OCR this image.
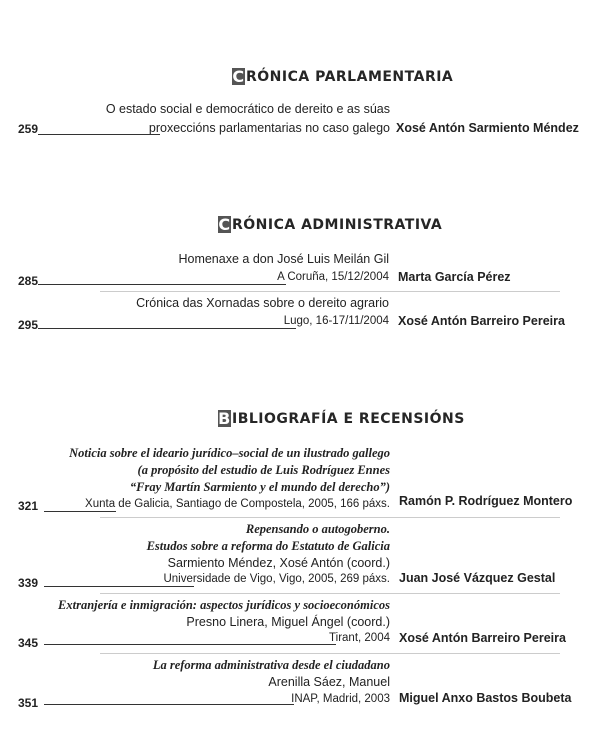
C RÓNICA PARLAMENTARIA
O estado social e democrático de dereito e as súas
proxeccións parlamentarias no caso galego
259	Xosé Antón Sarmiento Méndez
C RÓNICA ADMINISTRATIVA
Homenaxe a don José Luis Meilán Gil
A Coruña, 15/12/2004
285	Marta García Pérez
Crónica das Xornadas sobre o dereito agrario
Lugo, 16-17/11/2004
295	Xosé Antón Barreiro Pereira
B IBLIOGRAFÍA E RECENSIÓNS
Noticia sobre el ideario jurídico–social de un ilustrado gallego
(a propósito del estudio de Luis Rodríguez Ennes
“Fray Martín Sarmiento y el mundo del derecho”)
Xunta de Galicia, Santiago de Compostela, 2005, 166 páxs.
321	Ramón P. Rodríguez Montero
Repensando o autogoberno.
Estudos sobre a reforma do Estatuto de Galicia
Sarmiento Méndez, Xosé Antón (coord.)
Universidade de Vigo, Vigo, 2005, 269 páxs.
339	Juan José Vázquez Gestal
Extranjería e inmigración: aspectos jurídicos y socioeconómicos
Presno Linera, Miguel Ángel (coord.)
Tirant, 2004
345	Xosé Antón Barreiro Pereira
La reforma administrativa desde el ciudadano
Arenilla Sáez, Manuel
INAP, Madrid, 2003
351	Miguel Anxo Bastos Boubeta
